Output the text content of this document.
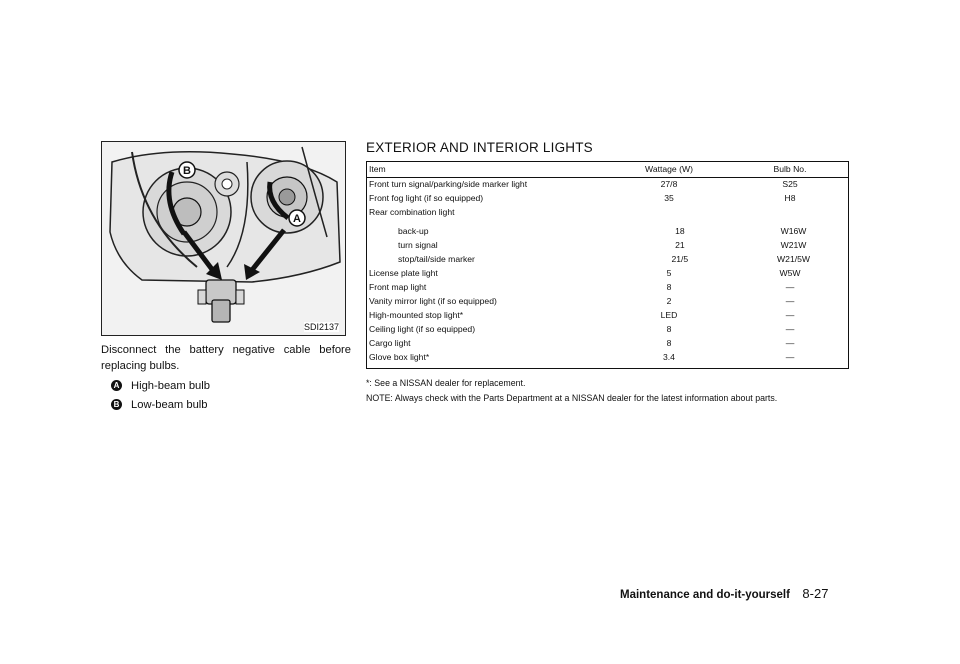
B
A
SDI2137
Disconnect the battery negative cable before replacing bulbs.
A High-beam bulb
B Low-beam bulb
EXTERIOR AND INTERIOR LIGHTS
Item	Wattage (W)	Bulb No.
Front turn signal/parking/side marker light	27/8	S25
Front fog light (if so equipped)	35	H8
Rear combination light
back-up	18	W16W
turn signal	21	W21W
stop/tail/side marker	21/5	W21/5W
License plate light	5	W5W
Front map light	8	—
Vanity mirror light (if so equipped)	2	—
High-mounted stop light*	LED	—
Ceiling light (if so equipped)	8	—
Cargo light	8	—
Glove box light*	3.4	—
*: See a NISSAN dealer for replacement.
NOTE: Always check with the Parts Department at a NISSAN dealer for the latest information about parts.
Maintenance and do-it-yourself 8-27
